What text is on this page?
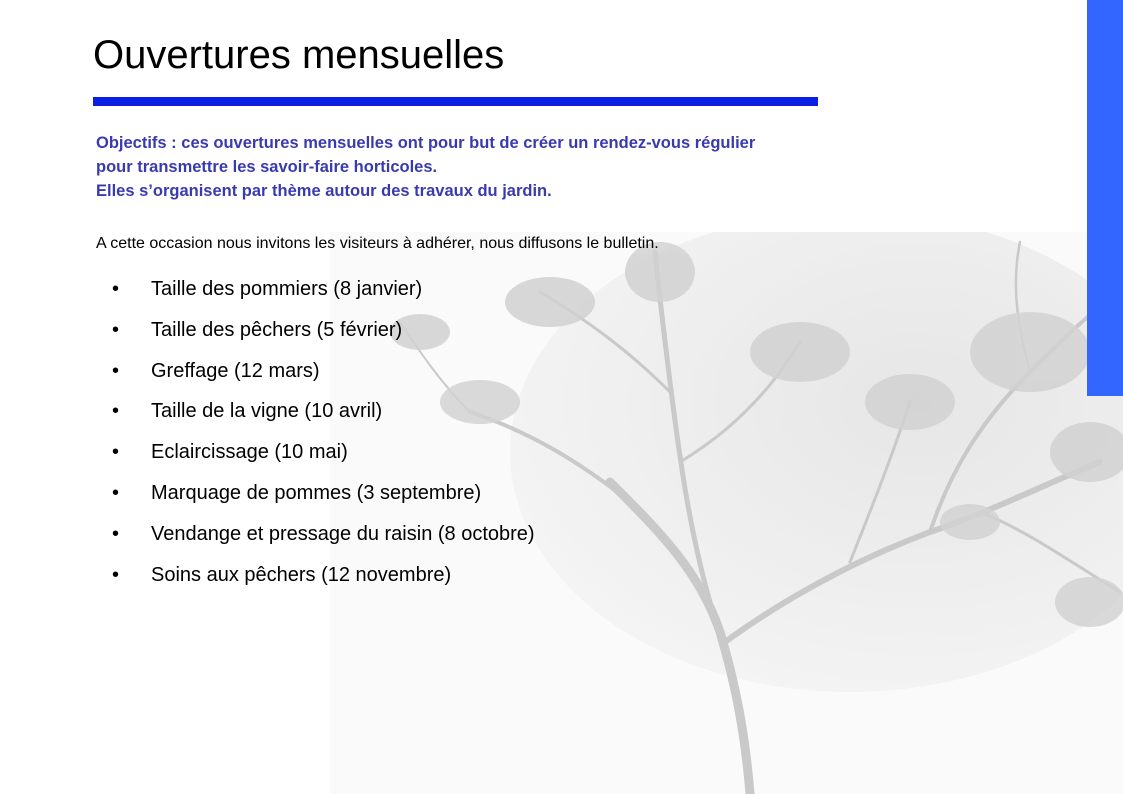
Ouvertures mensuelles
Objectifs : ces ouvertures mensuelles ont pour but de créer un rendez-vous régulier
pour transmettre les savoir-faire horticoles.
Elles s’organisent par thème autour des travaux du jardin.
A cette occasion nous invitons les visiteurs à adhérer, nous diffusons le bulletin.
•	Taille des pommiers (8 janvier)
•	Taille des pêchers (5 février)
•	Greffage (12 mars)
•	Taille de la vigne (10 avril)
•	Eclaircissage (10 mai)
•	Marquage de pommes (3 septembre)
•	Vendange et pressage du raisin (8 octobre)
•	Soins aux pêchers (12 novembre)
